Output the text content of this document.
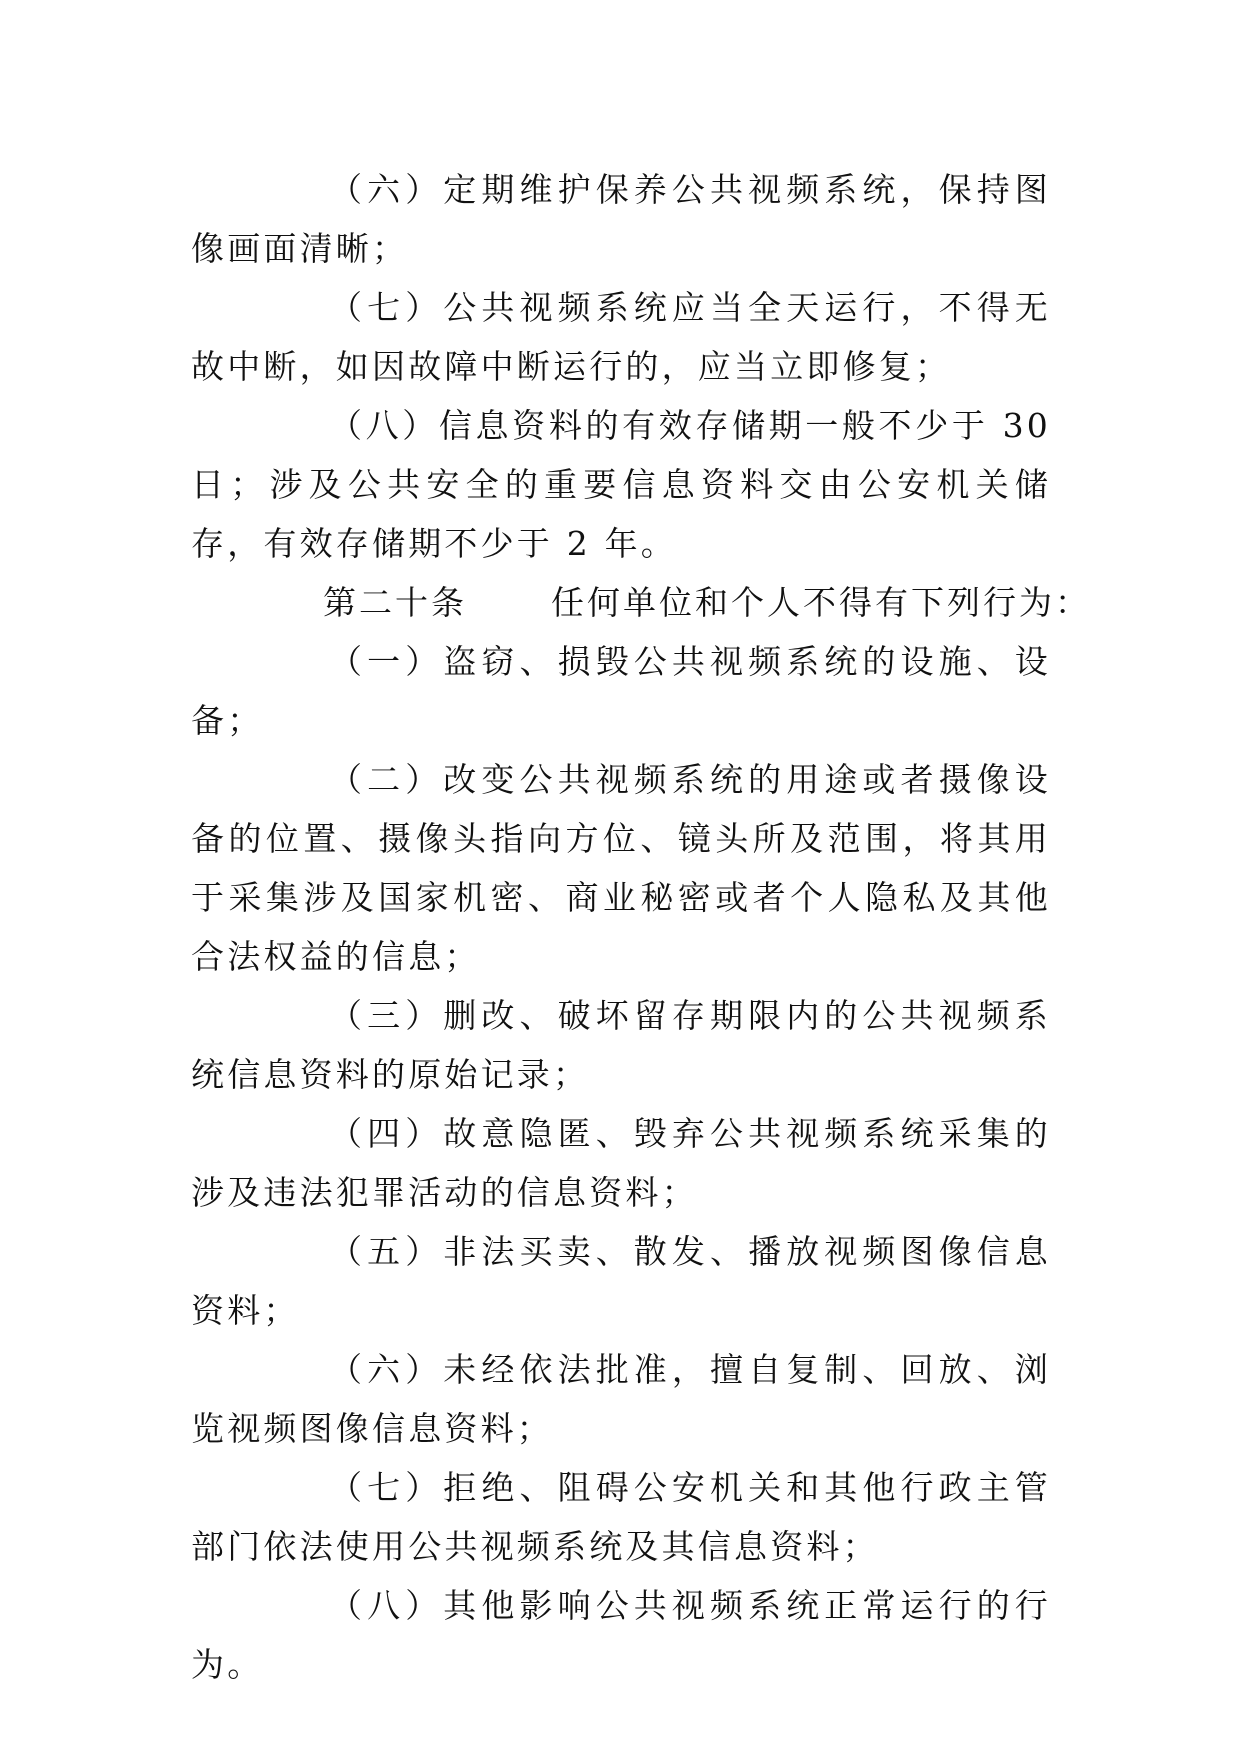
（六）定期维护保养公共视频系统，保持图像画面清晰；

（七）公共视频系统应当全天运行，不得无故中断，如因故障中断运行的，应当立即修复；

（八）信息资料的有效存储期一般不少于 30 日；涉及公共安全的重要信息资料交由公安机关储存，有效存储期不少于 2 年。

第二十条	任何单位和个人不得有下列行为：

（一）盗窃、损毁公共视频系统的设施、设备；

（二）改变公共视频系统的用途或者摄像设备的位置、摄像头指向方位、镜头所及范围，将其用于采集涉及国家机密、商业秘密或者个人隐私及其他合法权益的信息；

（三）删改、破坏留存期限内的公共视频系统信息资料的原始记录；

（四）故意隐匿、毁弃公共视频系统采集的涉及违法犯罪活动的信息资料；

（五）非法买卖、散发、播放视频图像信息资料；

（六）未经依法批准，擅自复制、回放、浏览视频图像信息资料；

（七）拒绝、阻碍公安机关和其他行政主管部门依法使用公共视频系统及其信息资料；

（八）其他影响公共视频系统正常运行的行为。
